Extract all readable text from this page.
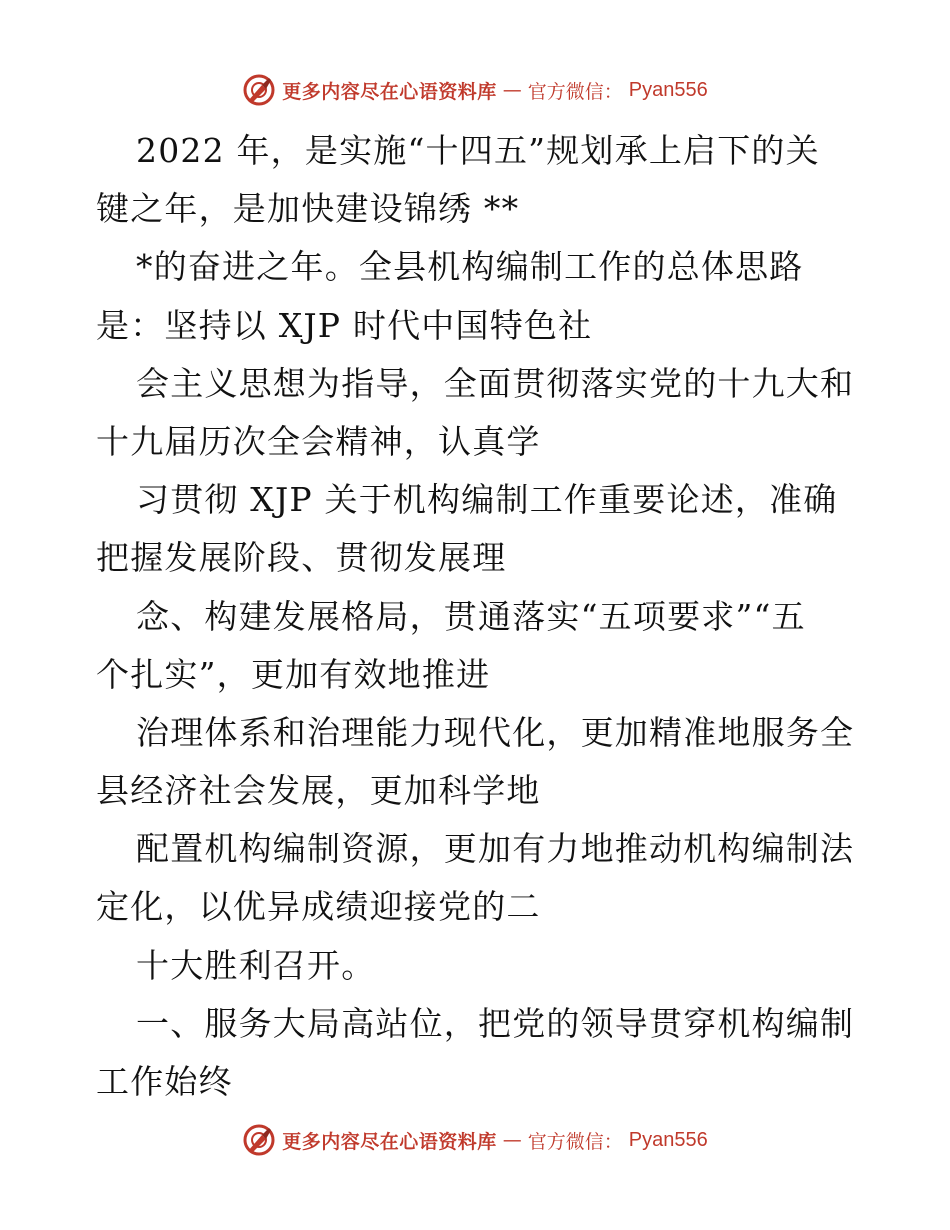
更多内容尽在心语资料库 — 官方微信： Pyan556
2022 年，是实施“十四五”规划承上启下的关
键之年，是加快建设锦绣 **
*的奋进之年。全县机构编制工作的总体思路
是：坚持以 XJP 时代中国特色社
会主义思想为指导，全面贯彻落实党的十九大和
十九届历次全会精神，认真学
习贯彻 XJP 关于机构编制工作重要论述，准确
把握发展阶段、贯彻发展理
念、构建发展格局，贯通落实“五项要求”“五
个扎实”，更加有效地推进
治理体系和治理能力现代化，更加精准地服务全
县经济社会发展，更加科学地
配置机构编制资源，更加有力地推动机构编制法
定化，以优异成绩迎接党的二
十大胜利召开。
一、服务大局高站位，把党的领导贯穿机构编制
工作始终
更多内容尽在心语资料库 — 官方微信： Pyan556
